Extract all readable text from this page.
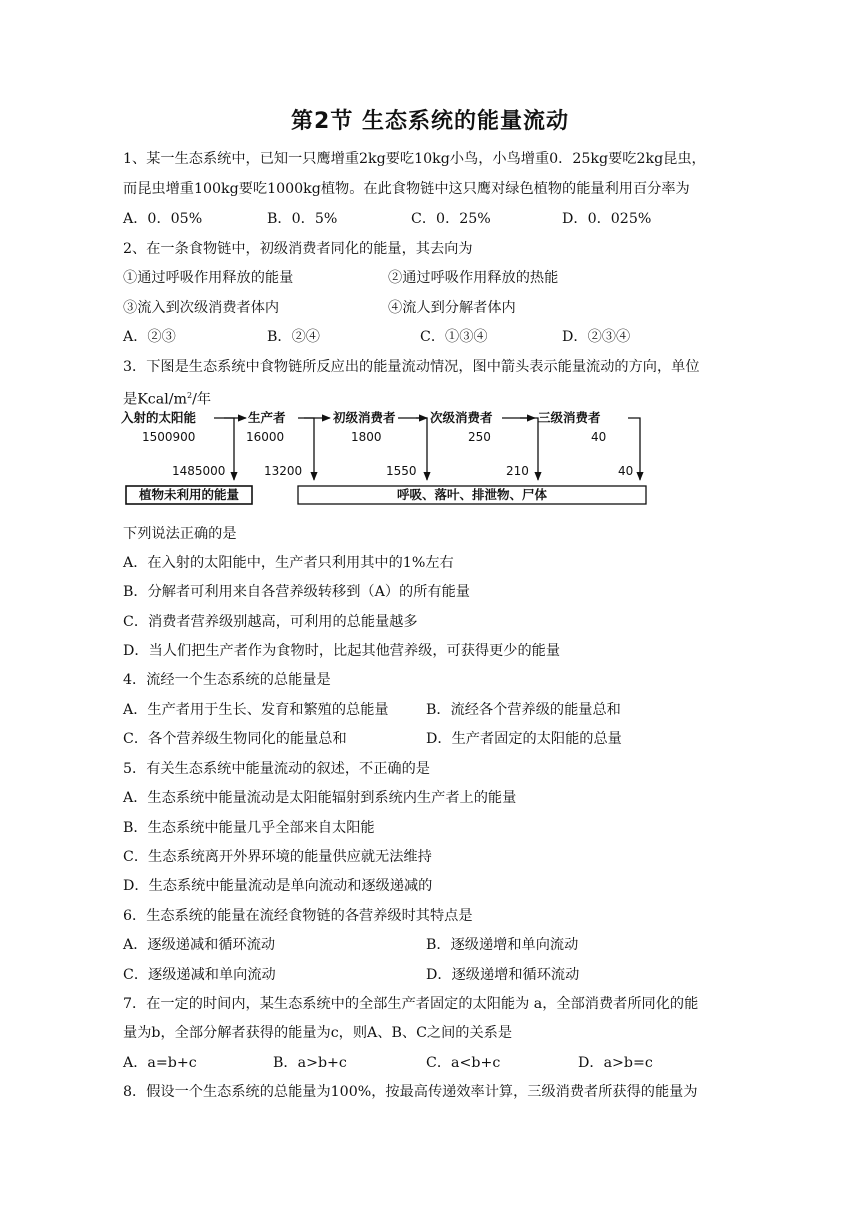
第2节 生态系统的能量流动
1、某一生态系统中，已知一只鹰增重2kg要吃10kg小鸟，小鸟增重0．25kg要吃2kg昆虫，
而昆虫增重100kg要吃1000kg植物。在此食物链中这只鹰对绿色植物的能量利用百分率为
A．0．05%	B．0．5%	C．0．25%	D．0．025%
2、在一条食物链中，初级消费者同化的能量，其去向为
①通过呼吸作用释放的能量	②通过呼吸作用释放的热能
③流入到次级消费者体内	④流人到分解者体内
A．②③	B．②④	C．①③④	D．②③④
3．下图是生态系统中食物链所反应出的能量流动情况，图中箭头表示能量流动的方向，单位
是Kcal/$m^2/$年
入射的太阳能	生产者	初级消费者	次级消费者	三级消费者
1500900	16000	1800	250	40
1485000	13200	1550	210	40
植物未利用的能量	呼吸、落叶、排泄物、尸体
下列说法正确的是
A．在入射的太阳能中，生产者只利用其中的1%左右
B．分解者可利用来自各营养级转移到（A）的所有能量
C．消费者营养级别越高，可利用的总能量越多
D．当人们把生产者作为食物时，比起其他营养级，可获得更少的能量
4．流经一个生态系统的总能量是
A．生产者用于生长、发育和繁殖的总能量	B．流经各个营养级的能量总和
C．各个营养级生物同化的能量总和	D．生产者固定的太阳能的总量
5．有关生态系统中能量流动的叙述，不正确的是
A．生态系统中能量流动是太阳能辐射到系统内生产者上的能量
B．生态系统中能量几乎全部来自太阳能
C．生态系统离开外界环境的能量供应就无法维持
D．生态系统中能量流动是单向流动和逐级递减的
6．生态系统的能量在流经食物链的各营养级时其特点是
A．逐级递减和循环流动	B．逐级递增和单向流动
C．逐级递减和单向流动	D．逐级递增和循环流动
7．在一定的时间内，某生态系统中的全部生产者固定的太阳能为 a，全部消费者所同化的能
量为b，全部分解者获得的能量为c，则A、B、C之间的关系是
A．a=b+c	B．a>b+c	C．a<b+c	D．a>b=c
8．假设一个生态系统的总能量为100%，按最高传递效率计算，三级消费者所获得的能量为
